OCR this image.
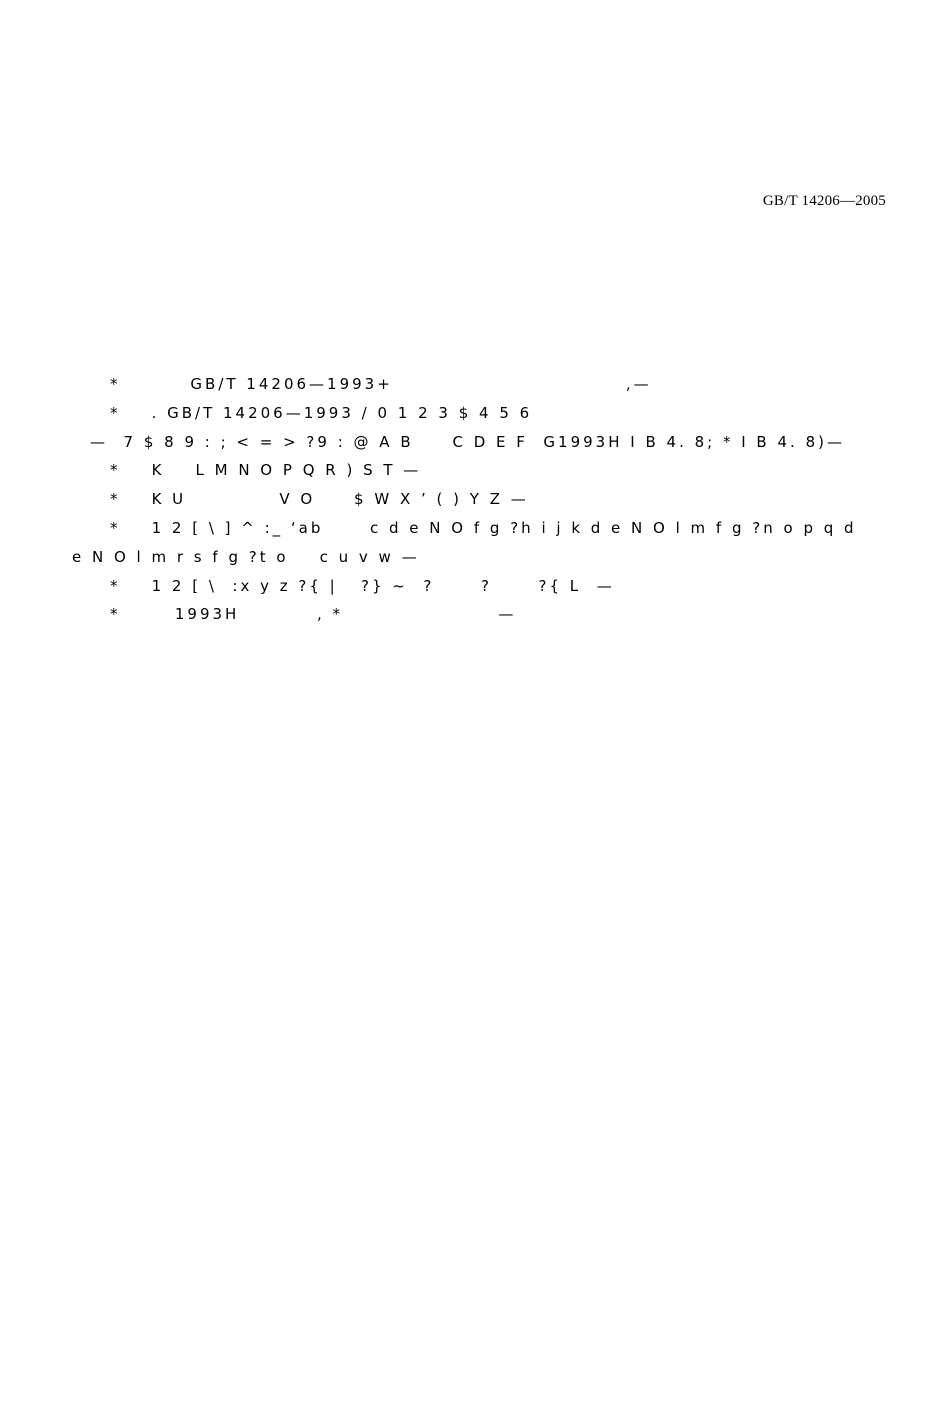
GB/T 14206—2005
*         GB/T 14206—1993+                              ,—
*    . GB/T 14206—1993 / 0 1 2 3 $ 4 5 6
—  7 $ 8 9 : ; < = > ?9 : @ A B     C D E F  G1993H I B 4. 8; * I B 4. 8)—
*    K    L M N O P Q R ) S T —
*    K U            V O     $ W X ’ ( ) Y Z —
*    1 2 [ \ ] ^ :_ ‘ab      c d e N O f g ?h i j k d e N O l m f g ?n o p q d
e N O l m r s f g ?t o    c u v w —
*    1 2 [ \  :x y z ?{ |   ?} ~  ?      ?      ?{ L  —
*       1993H          , *                    —
